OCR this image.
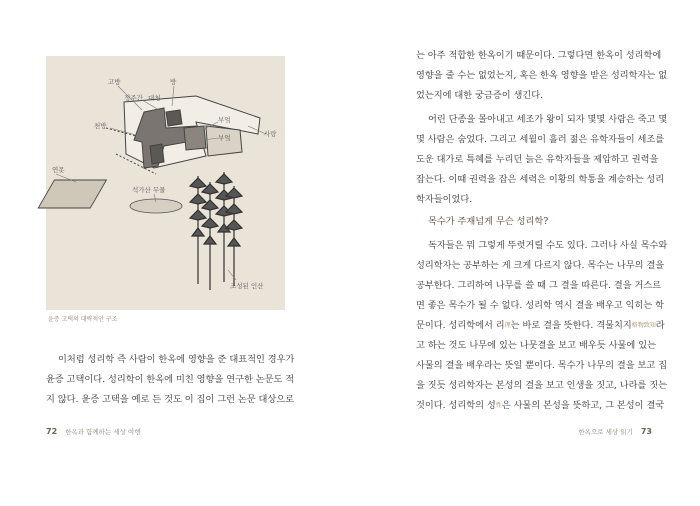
고방	방
정주간 대청
부엌
부엌	사랑
천방
연못
석가산 무물
조성된 인산
윤증 고택의 대략적인 구조
이처럼 성리학 즉 사람이 한옥에 영향을 준 대표적인 경우가
윤증 고택이다. 성리학이 한옥에 미친 영향을 연구한 논문도 적
지 않다. 윤증 고택을 예로 든 것도 이 집이 그런 논문 대상으로
72 한옥과 함께하는 세상 여행
는 아주 적합한 한옥이기 때문이다. 그렇다면 한옥이 성리학에
영향을 줄 수는 없었는지, 혹은 한옥 영향을 받은 성리학자는 없
었는지에 대한 궁금증이 생긴다.
어린 단종을 몰아내고 세조가 왕이 되자 몇몇 사람은 죽고 몇
몇 사람은 숨었다. 그리고 세월이 흘러 젊은 유학자들이 세조를
도운 대가로 특혜를 누리던 늙은 유학자들을 제압하고 권력을
잡는다. 이때 권력을 잡은 세력은 이황의 학통을 계승하는 성리
학자들이었다.
목수가 주재넘게 무슨 성리학?
독자들은 뭐 그렇게 뚜렷거릴 수도 있다. 그러나 사실 목수와
성리학자는 공부하는 게 크게 다르지 않다. 목수는 나무의 결을
공부한다. 그리하여 나무를 쓸 때 그 결을 따른다. 결을 거스르
면 좋은 목수가 될 수 없다. 성리학 역시 결을 배우고 익히는 학
문이다. 성리학에서 리$^理$는 바로 결을 뜻한다. 격물치지$^{格物致知}$라
고 하는 것도 나무에 있는 나뭇결을 보고 배우듯 사물에 있는
사물의 결을 배우라는 뜻일 뿐이다. 목수가 나무의 결을 보고 집
을 짓듯 성리학자는 본성의 결을 보고 인생을 짓고, 나라를 짓는
것이다. 성리학의 성$^性$은 사물의 본성을 뜻하고, 그 본성이 결국
한옥으로 세상 읽기 73
